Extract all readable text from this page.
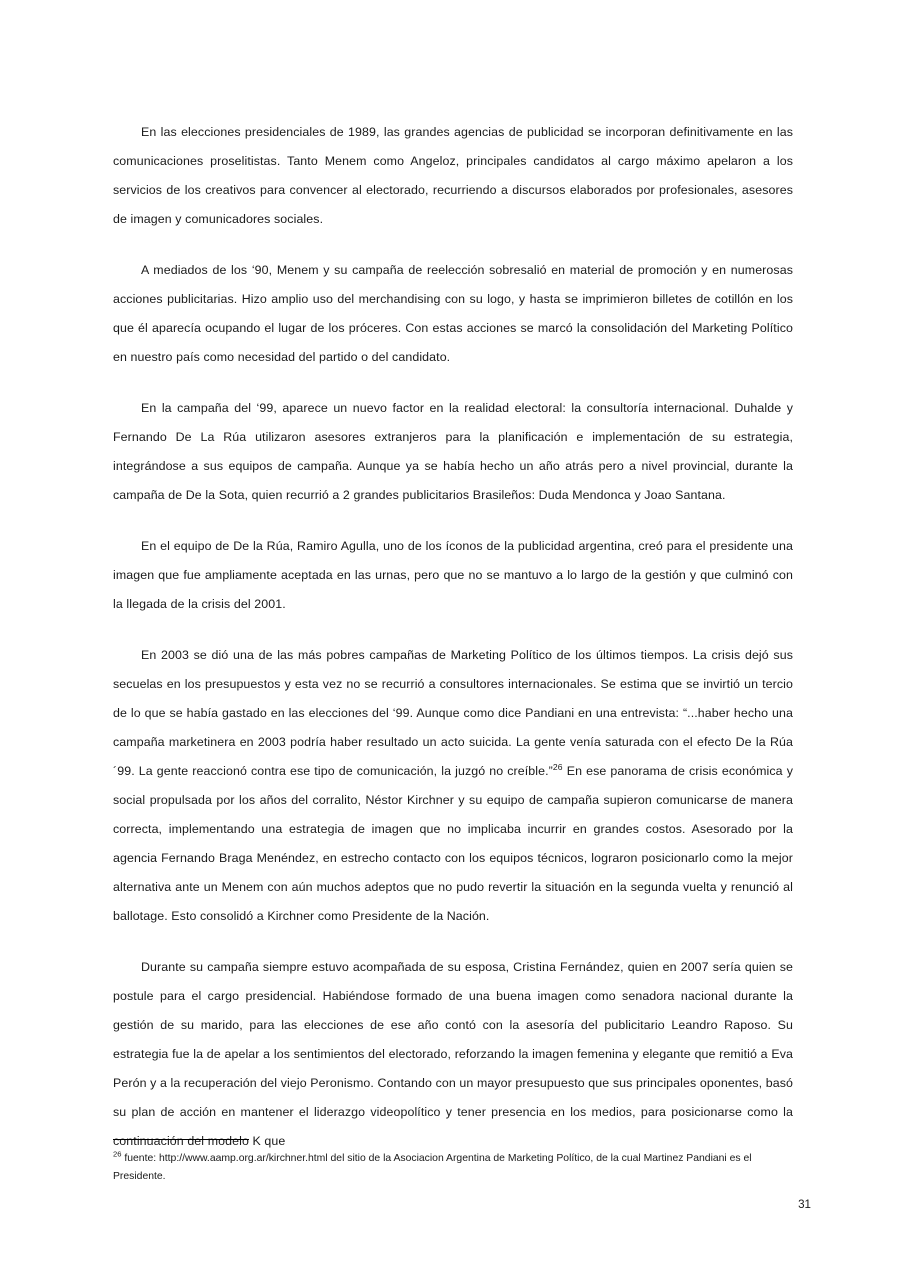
En las elecciones presidenciales de 1989, las grandes agencias de publicidad se incorporan definitivamente en las comunicaciones proselitistas. Tanto Menem como Angeloz, principales candidatos al cargo máximo apelaron a los servicios de los creativos para convencer al electorado, recurriendo a discursos elaborados por profesionales, asesores de imagen y comunicadores sociales.

A mediados de los ‘90, Menem y su campaña de reelección sobresalió en material de promoción y en numerosas acciones publicitarias. Hizo amplio uso del merchandising con su logo, y hasta se imprimieron billetes de cotillón en los que él aparecía ocupando el lugar de los próceres. Con estas acciones se marcó la consolidación del Marketing Político en nuestro país como necesidad del partido o del candidato.

En la campaña del ‘99, aparece un nuevo factor en la realidad electoral: la consultoría internacional. Duhalde y Fernando De La Rúa utilizaron asesores extranjeros para la planificación e implementación de su estrategia, integrándose a sus equipos de campaña. Aunque ya se había hecho un año atrás pero a nivel provincial, durante la campaña de De la Sota, quien recurrió a 2 grandes publicitarios Brasileños: Duda Mendonca y Joao Santana.

En el equipo de De la Rúa, Ramiro Agulla, uno de los íconos de la publicidad argentina, creó para el presidente una imagen que fue ampliamente aceptada en las urnas, pero que no se mantuvo a lo largo de la gestión y que culminó con la llegada de la crisis del 2001.

En 2003 se dió una de las más pobres campañas de Marketing Político de los últimos tiempos. La crisis dejó sus secuelas en los presupuestos y esta vez no se recurrió a consultores internacionales. Se estima que se invirtió un tercio de lo que se había gastado en las elecciones del ‘99. Aunque como dice Pandiani en una entrevista: “...haber hecho una campaña marketinera en 2003 podría haber resultado un acto suicida. La gente venía saturada con el efecto De la Rúa´99. La gente reaccionó contra ese tipo de comunicación, la juzgó no creíble.”$^{26}$ En ese panorama de crisis económica y social propulsada por los años del corralito, Néstor Kirchner y su equipo de campaña supieron comunicarse de manera correcta, implementando una estrategia de imagen que no implicaba incurrir en grandes costos. Asesorado por la agencia Fernando Braga Menéndez, en estrecho contacto con los equipos técnicos, lograron posicionarlo como la mejor alternativa ante un Menem con aún muchos adeptos que no pudo revertir la situación en la segunda vuelta y renunció al ballotage. Esto consolidó a Kirchner como Presidente de la Nación.

Durante su campaña siempre estuvo acompañada de su esposa, Cristina Fernández, quien en 2007 sería quien se postule para el cargo presidencial. Habiéndose formado de una buena imagen como senadora nacional durante la gestión de su marido, para las elecciones de ese año contó con la asesoría del publicitario Leandro Raposo. Su estrategia fue la de apelar a los sentimientos del electorado, reforzando la imagen femenina y elegante que remitió a Eva Perón y a la recuperación del viejo Peronismo. Contando con un mayor presupuesto que sus principales oponentes, basó su plan de acción en mantener el liderazgo videopolítico y tener presencia en los medios, para posicionarse como la continuación del modelo K que

$^{26}$ fuente: http://www.aamp.org.ar/kirchner.html del sitio de la Asociacion Argentina de Marketing Político, de la cual Martinez Pandiani es el Presidente.
31
